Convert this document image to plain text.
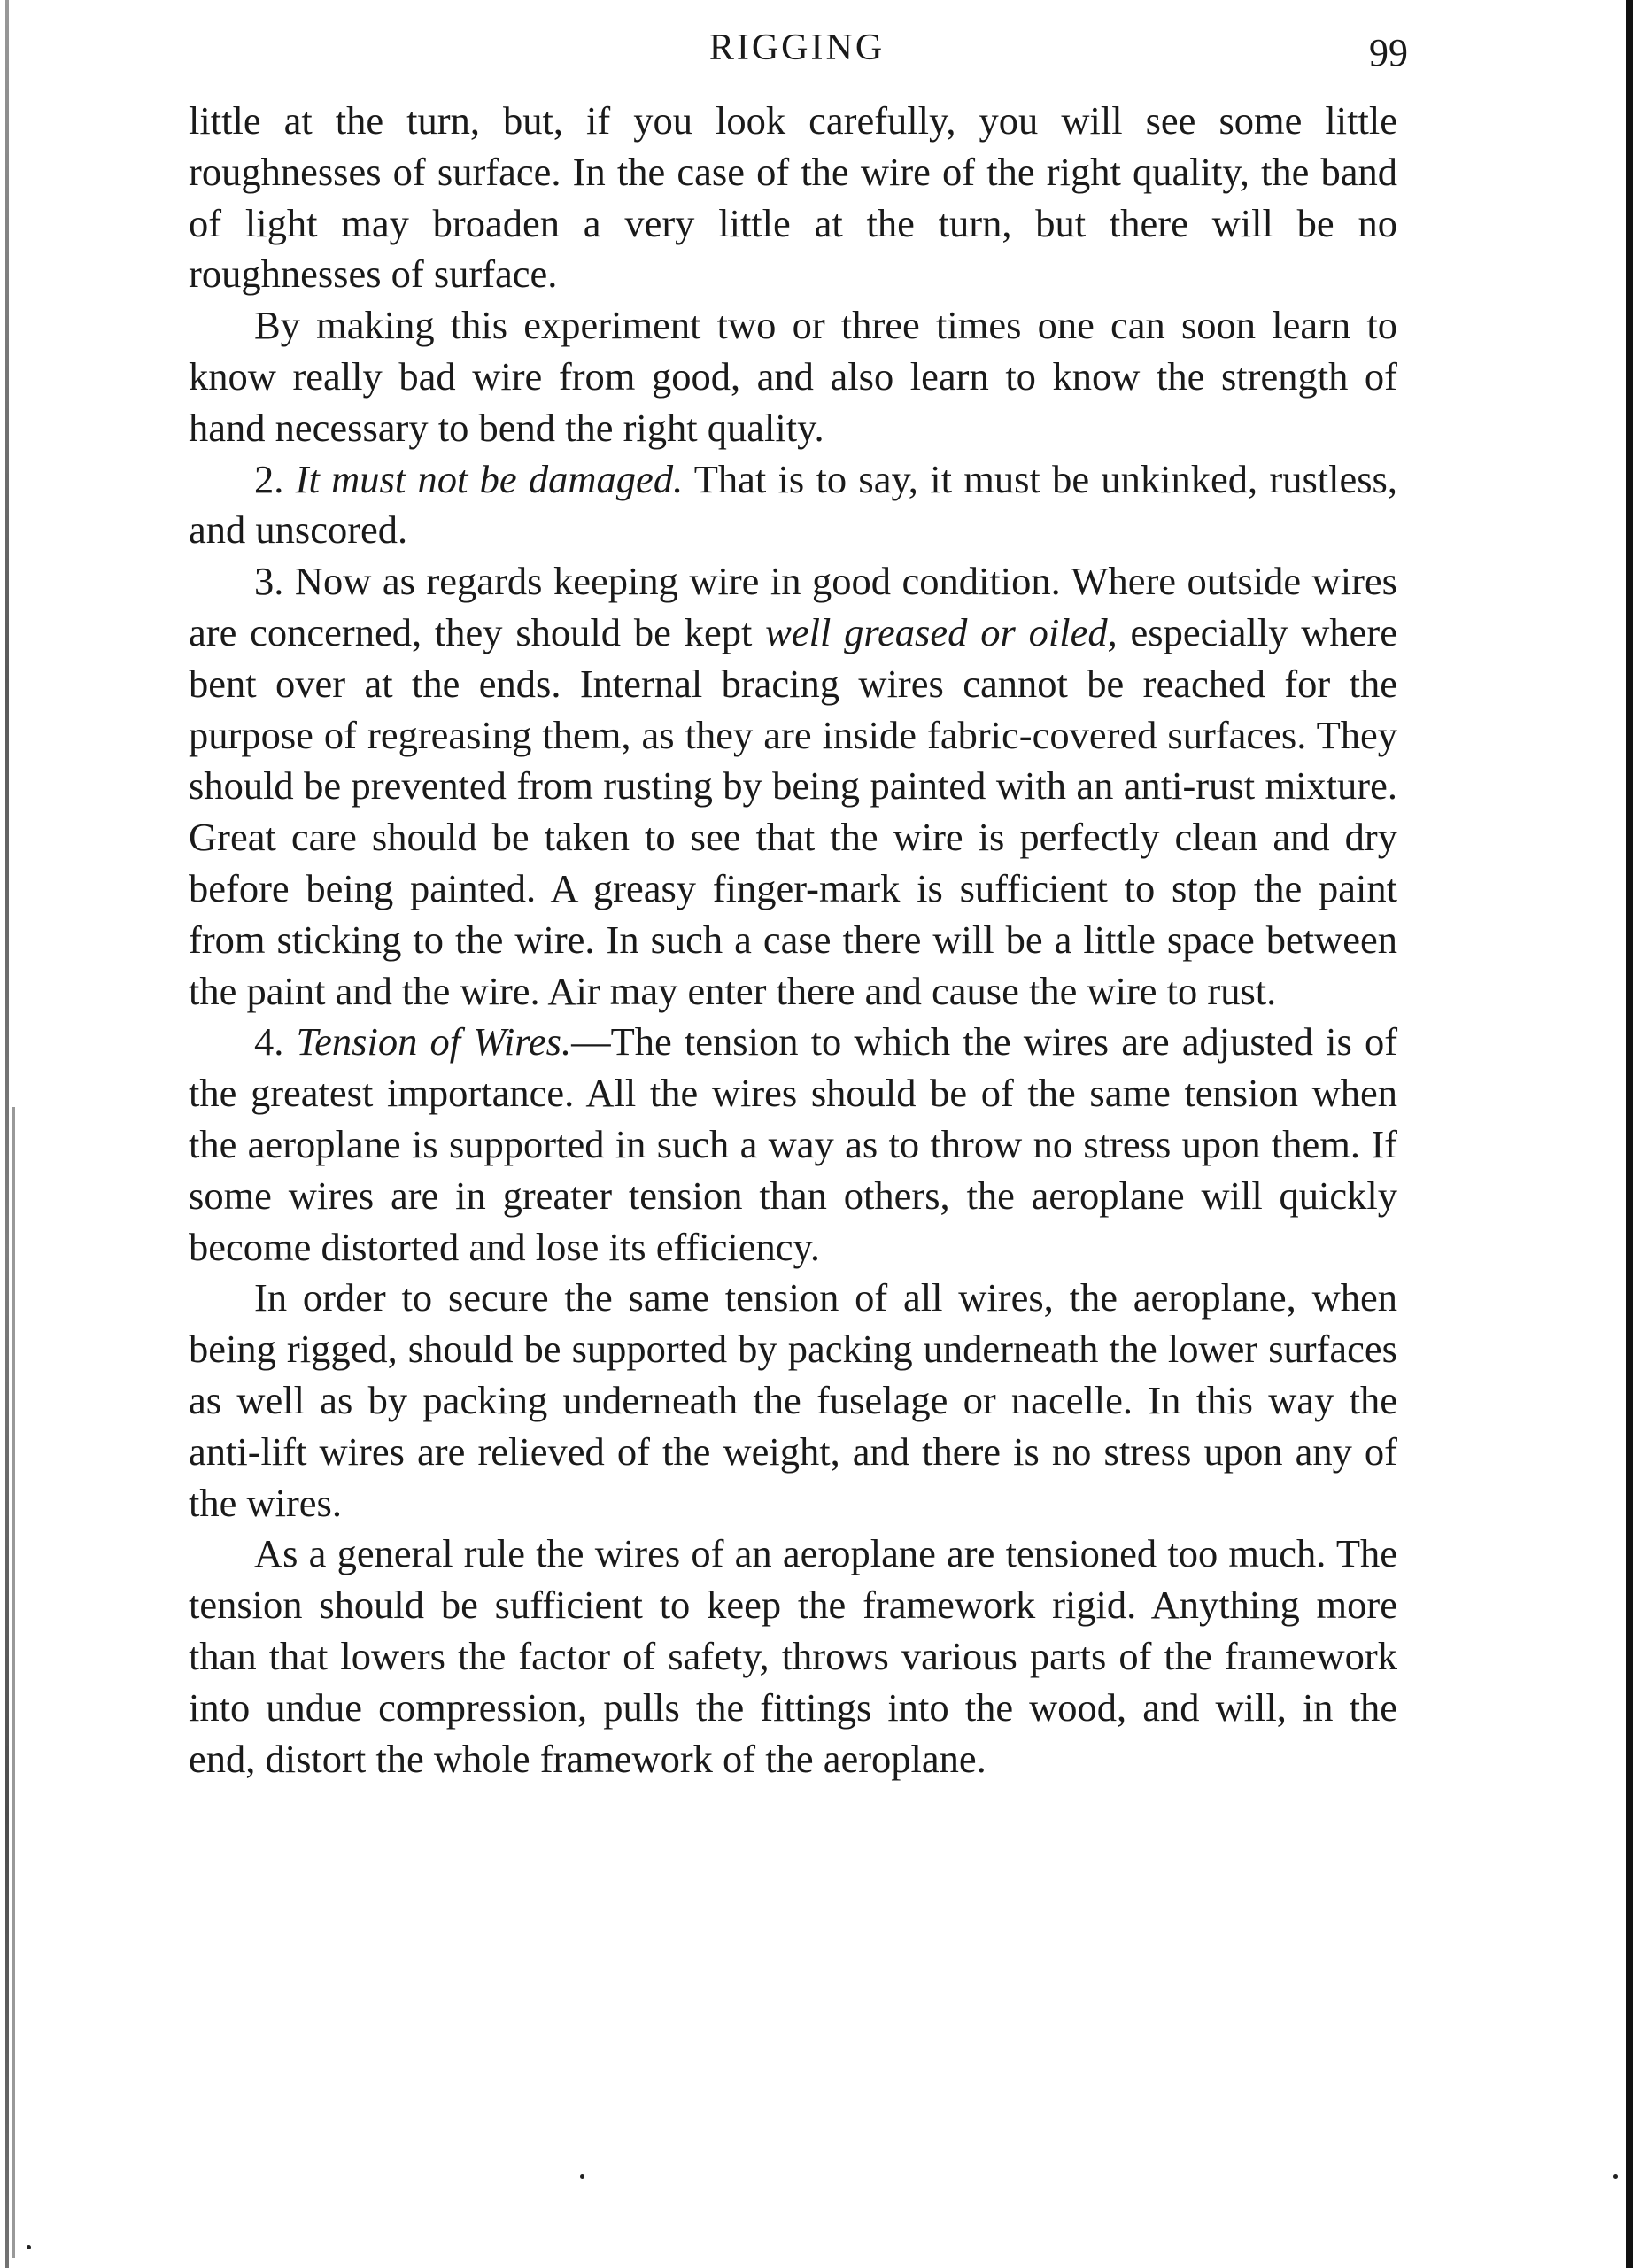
RIGGING	99

little at the turn, but, if you look carefully, you will see some little roughnesses of surface. In the case of the wire of the right quality, the band of light may broaden a very little at the turn, but there will be no roughnesses of surface.

By making this experiment two or three times one can soon learn to know really bad wire from good, and also learn to know the strength of hand necessary to bend the right quality.

2. It must not be damaged. That is to say, it must be unkinked, rustless, and unscored.

3. Now as regards keeping wire in good condition. Where outside wires are concerned, they should be kept well greased or oiled, especially where bent over at the ends. Internal bracing wires cannot be reached for the purpose of regreasing them, as they are inside fabric-covered surfaces. They should be prevented from rusting by being painted with an anti-rust mixture. Great care should be taken to see that the wire is perfectly clean and dry before being painted. A greasy finger-mark is sufficient to stop the paint from sticking to the wire. In such a case there will be a little space between the paint and the wire. Air may enter there and cause the wire to rust.

4. Tension of Wires.—The tension to which the wires are adjusted is of the greatest importance. All the wires should be of the same tension when the aeroplane is supported in such a way as to throw no stress upon them. If some wires are in greater tension than others, the aeroplane will quickly become distorted and lose its efficiency.

In order to secure the same tension of all wires, the aeroplane, when being rigged, should be supported by packing underneath the lower surfaces as well as by packing underneath the fuselage or nacelle. In this way the anti-lift wires are relieved of the weight, and there is no stress upon any of the wires.

As a general rule the wires of an aeroplane are tensioned too much. The tension should be sufficient to keep the framework rigid. Anything more than that lowers the factor of safety, throws various parts of the framework into undue compression, pulls the fittings into the wood, and will, in the end, distort the whole framework of the aeroplane.
